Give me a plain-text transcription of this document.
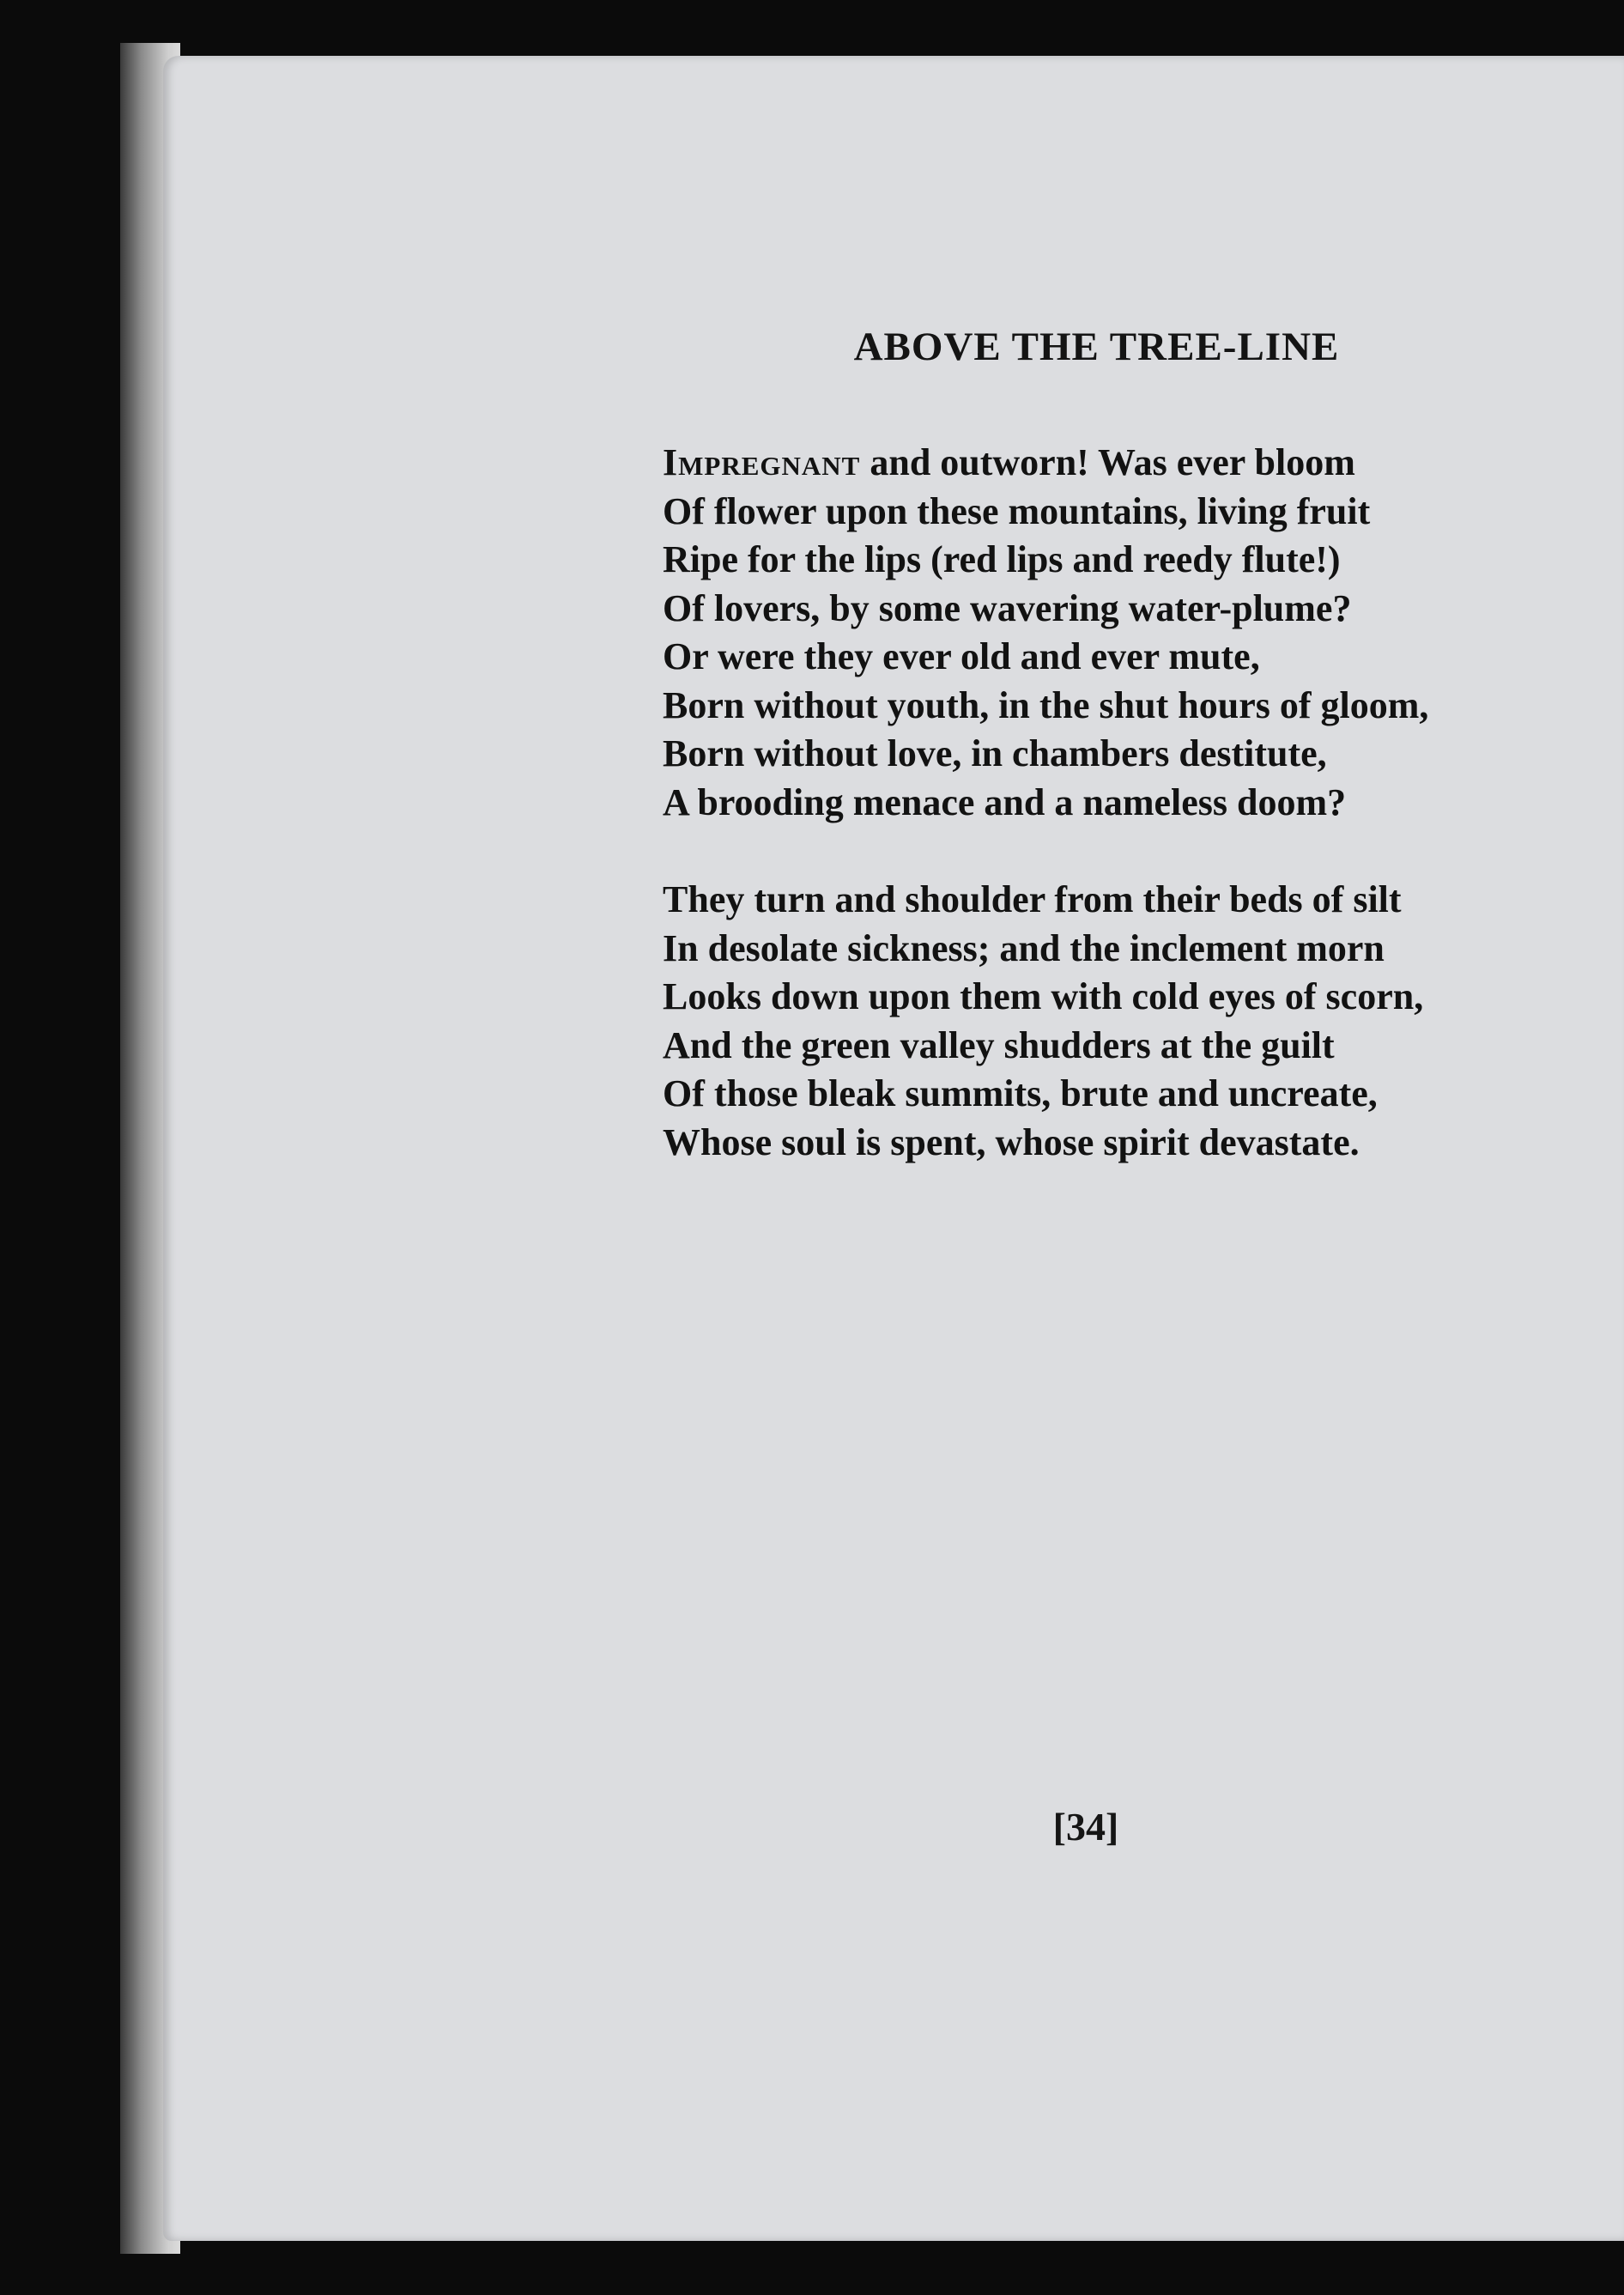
ABOVE THE TREE-LINE

Impregnant and outworn! Was ever bloom
Of flower upon these mountains, living fruit
Ripe for the lips (red lips and reedy flute!)
Of lovers, by some wavering water-plume?
Or were they ever old and ever mute,
Born without youth, in the shut hours of gloom,
Born without love, in chambers destitute,
A brooding menace and a nameless doom?

They turn and shoulder from their beds of silt
In desolate sickness; and the inclement morn
Looks down upon them with cold eyes of scorn,
And the green valley shudders at the guilt
Of those bleak summits, brute and uncreate,
Whose soul is spent, whose spirit devastate.

[34]
